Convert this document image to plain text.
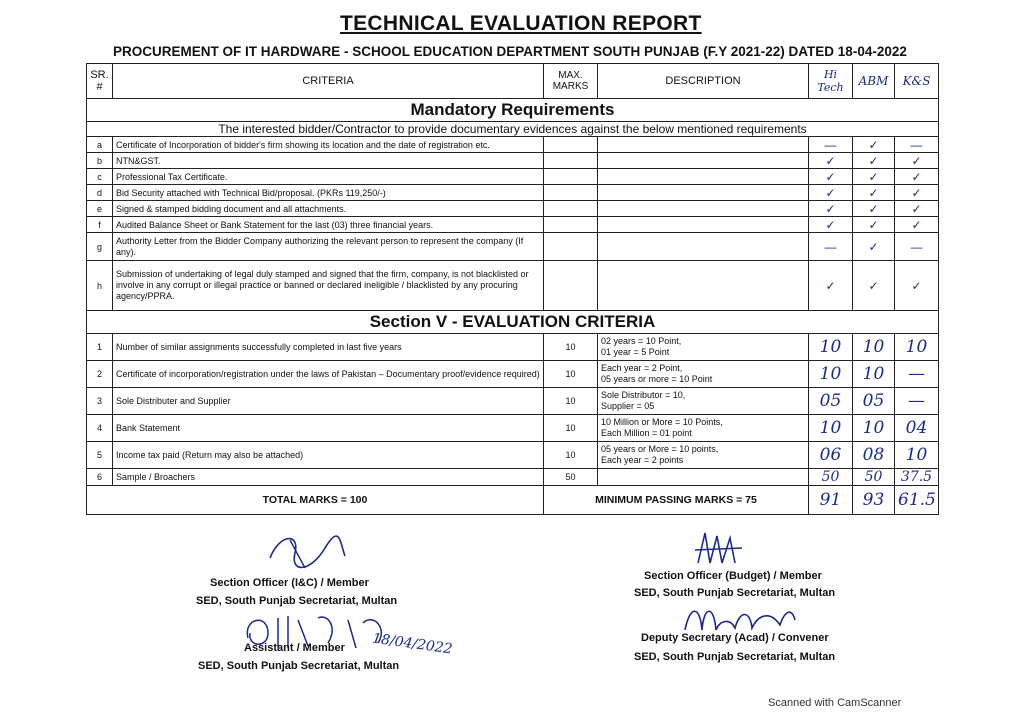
TECHNICAL EVALUATION REPORT
PROCUREMENT OF IT HARDWARE - SCHOOL EDUCATION DEPARTMENT SOUTH PUNJAB (F.Y 2021-22) DATED 18-04-2022
SR. #	CRITERIA	MAX. MARKS	DESCRIPTION	Hi Tech	ABM	K&S
Mandatory Requirements						
The interested bidder/Contractor to provide documentary evidences against the below mentioned requirements						
a	Certificate of Incorporation of bidder's firm showing its location and the date of registration etc.			—	✓	—
b	NTN&GST.			✓	✓	✓
c	Professional Tax Certificate.			✓	✓	✓
d	Bid Security attached with Technical Bid/proposal. (PKRs 119,250/-)			✓	✓	✓
e	Signed & stamped bidding document and all attachments.			✓	✓	✓
f	Audited Balance Sheet or Bank Statement for the last (03) three financial years.			✓	✓	✓
g	Authority Letter from the Bidder Company authorizing the relevant person to represent the company (If any).			—	✓	—
h	Submission of undertaking of legal duly stamped and signed that the firm, company, is not blacklisted or involve in any corrupt or illegal practice or banned or declared ineligible / blacklisted by any procuring agency/PPRA.			✓	✓	✓
Section V - EVALUATION CRITERIA						
1	Number of similar assignments successfully completed in last five years	10	02 years = 10 Point,
01 year = 5 Point	10	10	10
2	Certificate of incorporation/registration under the laws of Pakistan – Documentary proof/evidence required)	10	Each year = 2 Point,
05 years or more = 10 Point	10	10	—
3	Sole Distributer and Supplier	10	Sole Distributor = 10,
Supplier = 05	05	05	—
4	Bank Statement	10	10 Million or More = 10 Points,
Each Million = 01 point	10	10	04
5	Income tax paid (Return may also be attached)	10	05 years or More = 10 points,
Each year = 2 points	06	08	10
6	Sample / Broachers	50		50	50	37.5
TOTAL MARKS = 100		MINIMUM PASSING MARKS = 75		91	93	61.5
Section Officer (I&C) / Member
SED, South Punjab Secretariat, Multan
18/04/2022
Assistant / Member
SED, South Punjab Secretariat, Multan
Section Officer (Budget) / Member
SED, South Punjab Secretariat, Multan
Deputy Secretary (Acad) / Convener
SED, South Punjab Secretariat, Multan
Scanned with CamScanner
